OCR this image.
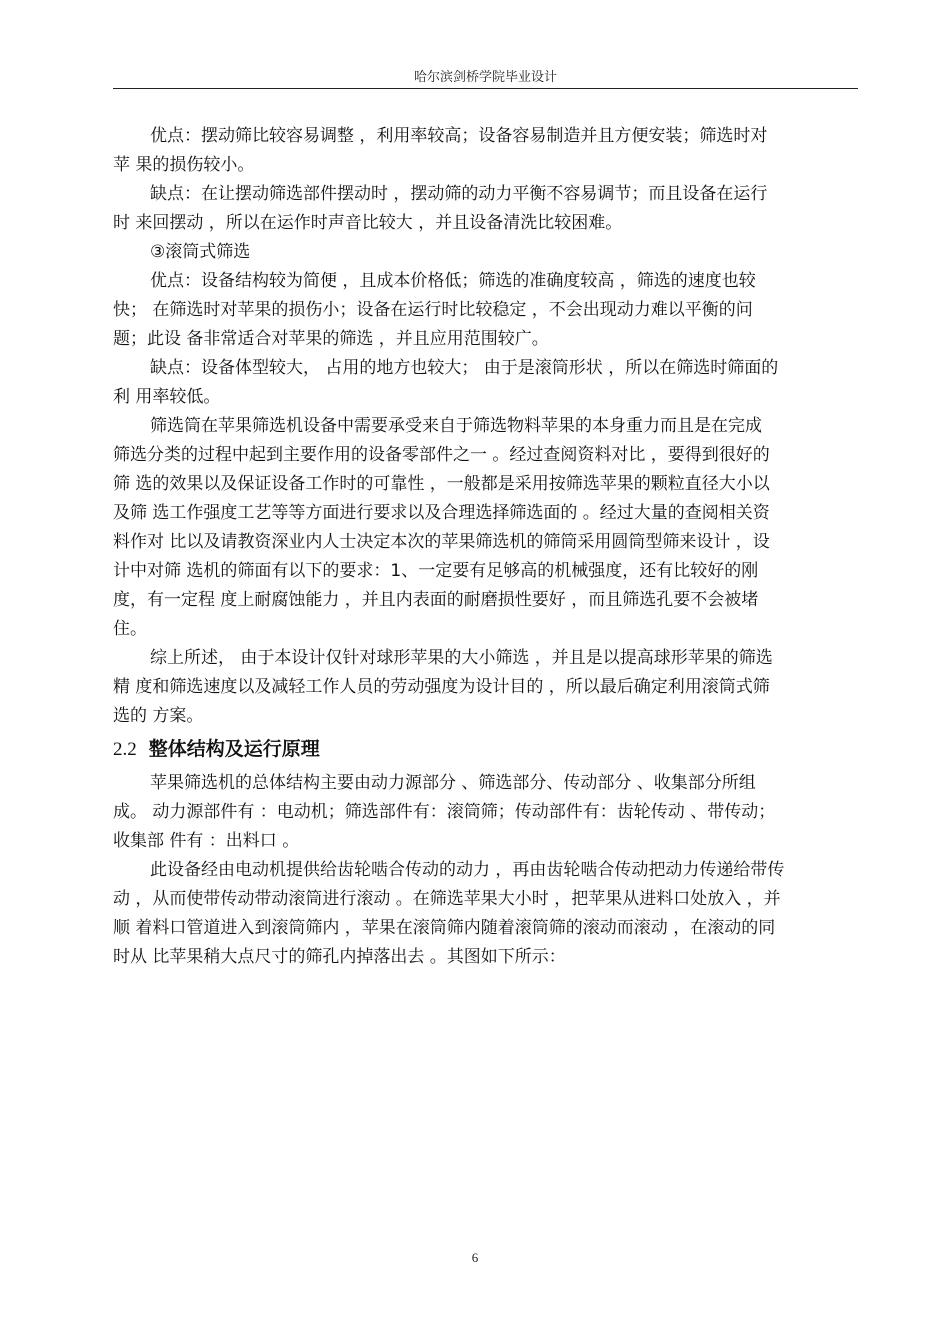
哈尔滨剑桥学院毕业设计
优点：摆动筛比较容易调整 ，利用率较高；设备容易制造并且方便安装；筛选时对
苹 果的损伤较小。
缺点：在让摆动筛选部件摆动时 ，摆动筛的动力平衡不容易调节；而且设备在运行
时 来回摆动 ，所以在运作时声音比较大 ，并且设备清洗比较困难。
③滚筒式筛选
优点：设备结构较为简便 ，且成本价格低；筛选的准确度较高 ，筛选的速度也较
快； 在筛选时对苹果的损伤小；设备在运行时比较稳定 ，不会出现动力难以平衡的问
题；此设 备非常适合对苹果的筛选 ，并且应用范围较广。
缺点：设备体型较大， 占用的地方也较大； 由于是滚筒形状 ，所以在筛选时筛面的
利 用率较低。
筛选筒在苹果筛选机设备中需要承受来自于筛选物料苹果的本身重力而且是在完成
筛选分类的过程中起到主要作用的设备零部件之一 。经过查阅资料对比 ，要得到很好的
筛 选的效果以及保证设备工作时的可靠性 ，一般都是采用按筛选苹果的颗粒直径大小以
及筛 选工作强度工艺等等方面进行要求以及合理选择筛选面的 。经过大量的查阅相关资
料作对 比以及请教资深业内人士决定本次的苹果筛选机的筛筒采用圆筒型筛来设计 ，设
计中对筛 选机的筛面有以下的要求：1、一定要有足够高的机械强度，还有比较好的刚
度，有一定程 度上耐腐蚀能力 ，并且内表面的耐磨损性要好 ，而且筛选孔要不会被堵
住。
综上所述， 由于本设计仅针对球形苹果的大小筛选 ，并且是以提高球形苹果的筛选
精 度和筛选速度以及减轻工作人员的劳动强度为设计目的 ，所以最后确定利用滚筒式筛
选的 方案。
2.2 整体结构及运行原理
苹果筛选机的总体结构主要由动力源部分 、筛选部分、传动部分 、收集部分所组
成。 动力源部件有 ：电动机；筛选部件有：滚筒筛；传动部件有：齿轮传动 、带传动；
收集部 件有 ：出料口 。
此设备经由电动机提供给齿轮啮合传动的动力 ，再由齿轮啮合传动把动力传递给带传
动 ，从而使带传动带动滚筒进行滚动 。在筛选苹果大小时 ，把苹果从进料口处放入 ，并
顺 着料口管道进入到滚筒筛内 ，苹果在滚筒筛内随着滚筒筛的滚动而滚动 ，在滚动的同
时从 比苹果稍大点尺寸的筛孔内掉落出去 。其图如下所示：
6
